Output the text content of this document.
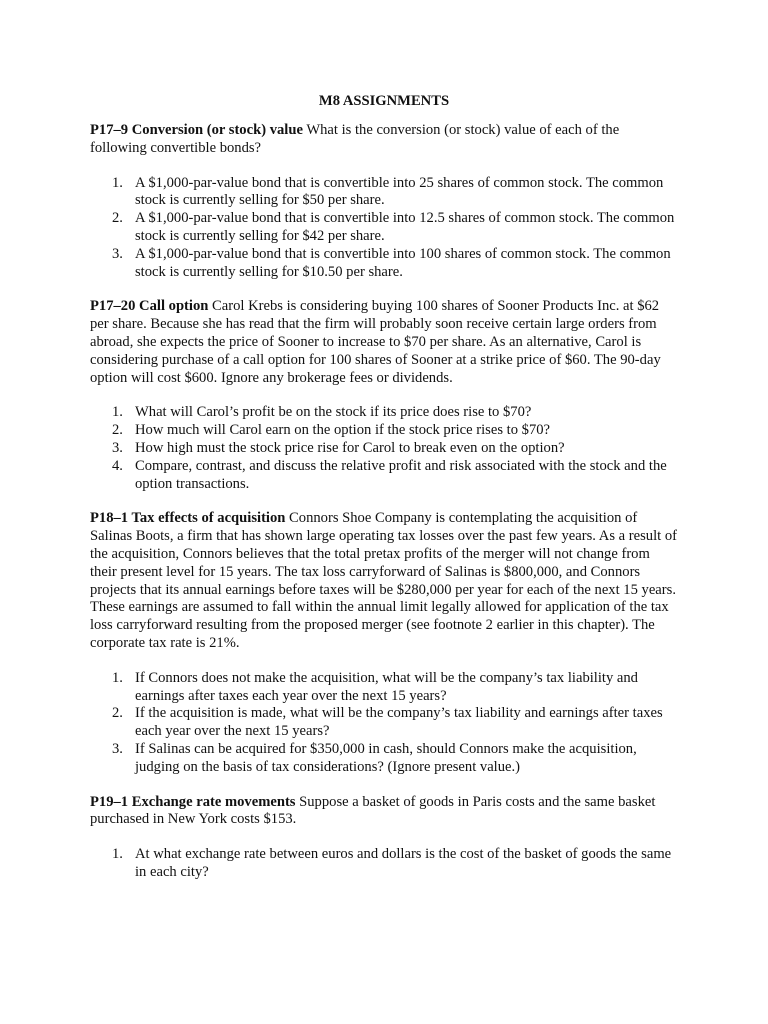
M8 ASSIGNMENTS

P17–9 Conversion (or stock) value What is the conversion (or stock) value of each of the following convertible bonds?

1. A $1,000-par-value bond that is convertible into 25 shares of common stock. The common stock is currently selling for $50 per share.
2. A $1,000-par-value bond that is convertible into 12.5 shares of common stock. The common stock is currently selling for $42 per share.
3. A $1,000-par-value bond that is convertible into 100 shares of common stock. The common stock is currently selling for $10.50 per share.

P17–20 Call option Carol Krebs is considering buying 100 shares of Sooner Products Inc. at $62 per share. Because she has read that the firm will probably soon receive certain large orders from abroad, she expects the price of Sooner to increase to $70 per share. As an alternative, Carol is considering purchase of a call option for 100 shares of Sooner at a strike price of $60. The 90-day option will cost $600. Ignore any brokerage fees or dividends.

1. What will Carol’s profit be on the stock if its price does rise to $70?
2. How much will Carol earn on the option if the stock price rises to $70?
3. How high must the stock price rise for Carol to break even on the option?
4. Compare, contrast, and discuss the relative profit and risk associated with the stock and the option transactions.

P18–1 Tax effects of acquisition Connors Shoe Company is contemplating the acquisition of Salinas Boots, a firm that has shown large operating tax losses over the past few years. As a result of the acquisition, Connors believes that the total pretax profits of the merger will not change from their present level for 15 years. The tax loss carryforward of Salinas is $800,000, and Connors projects that its annual earnings before taxes will be $280,000 per year for each of the next 15 years. These earnings are assumed to fall within the annual limit legally allowed for application of the tax loss carryforward resulting from the proposed merger (see footnote 2 earlier in this chapter). The corporate tax rate is 21%.

1. If Connors does not make the acquisition, what will be the company’s tax liability and earnings after taxes each year over the next 15 years?
2. If the acquisition is made, what will be the company’s tax liability and earnings after taxes each year over the next 15 years?
3. If Salinas can be acquired for $350,000 in cash, should Connors make the acquisition, judging on the basis of tax considerations? (Ignore present value.)

P19–1 Exchange rate movements Suppose a basket of goods in Paris costs and the same basket purchased in New York costs $153.

1. At what exchange rate between euros and dollars is the cost of the basket of goods the same in each city?
